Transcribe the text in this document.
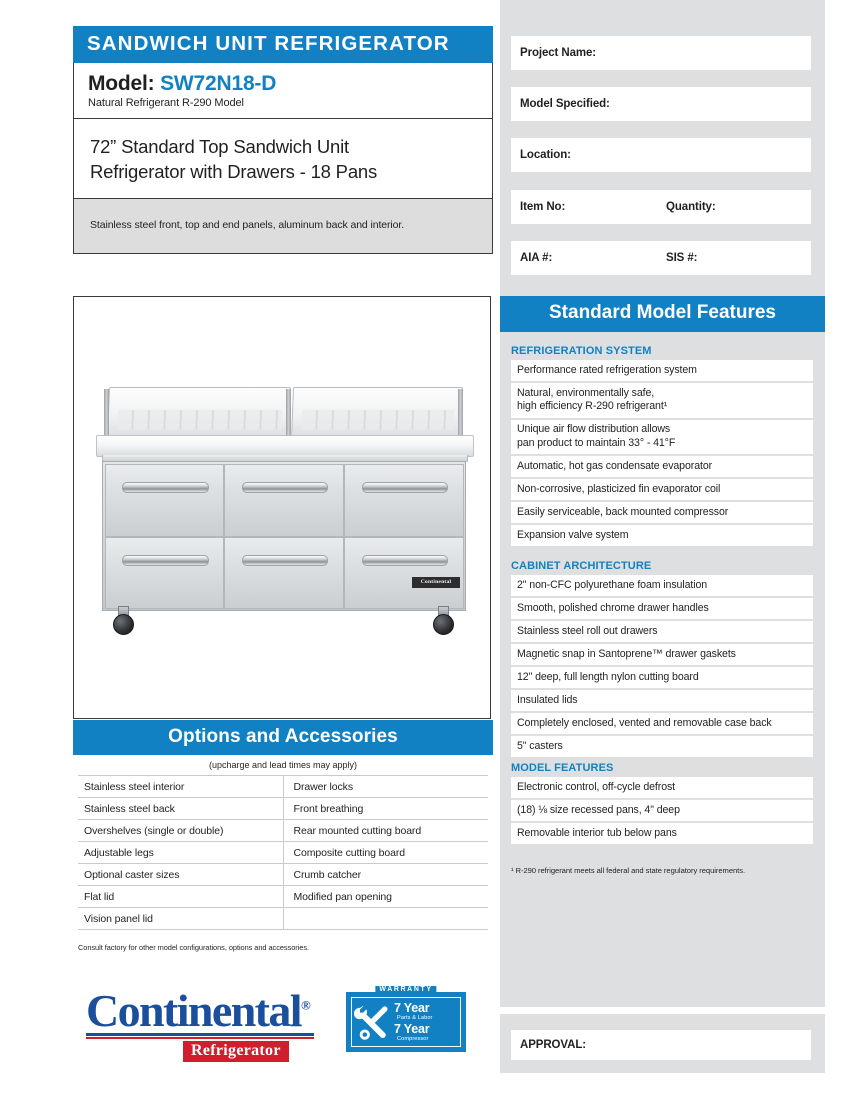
SANDWICH UNIT REFRIGERATOR
Model: SW72N18-D
Natural Refrigerant R-290 Model
72” Standard Top Sandwich Unit
Refrigerator with Drawers - 18 Pans
Stainless steel front, top and end panels, aluminum back and interior.
Continental
Options and Accessories
(upcharge and lead times may apply)
Stainless steel interior	Drawer locks
Stainless steel back	Front breathing
Overshelves (single or double)	Rear mounted cutting board
Adjustable legs	Composite cutting board
Optional caster sizes	Crumb catcher
Flat lid	Modified pan opening
Vision panel lid	
Consult factory for other model configurations, options and accessories.
Continental®
Refrigerator
WARRANTY
7 Year
Parts & Labor
7 Year
Compressor
Project Name:
Model Specified:
Location:
Item No:	Quantity:
AIA #:	SIS #:
Standard Model Features
REFRIGERATION SYSTEM
Performance rated refrigeration system
Natural, environmentally safe,
high efficiency R-290 refrigerant¹
Unique air flow distribution allows
pan product to maintain 33° - 41°F
Automatic, hot gas condensate evaporator
Non-corrosive, plasticized fin evaporator coil
Easily serviceable, back mounted compressor
Expansion valve system
CABINET ARCHITECTURE
2" non-CFC polyurethane foam insulation
Smooth, polished chrome drawer handles
Stainless steel roll out drawers
Magnetic snap in Santoprene™ drawer gaskets
12" deep, full length nylon cutting board
Insulated lids
Completely enclosed, vented and removable case back
5" casters
MODEL FEATURES
Electronic control, off-cycle defrost
(18) ⅛ size recessed pans, 4" deep
Removable interior tub below pans
¹ R-290 refrigerant meets all federal and state regulatory requirements.
APPROVAL:
